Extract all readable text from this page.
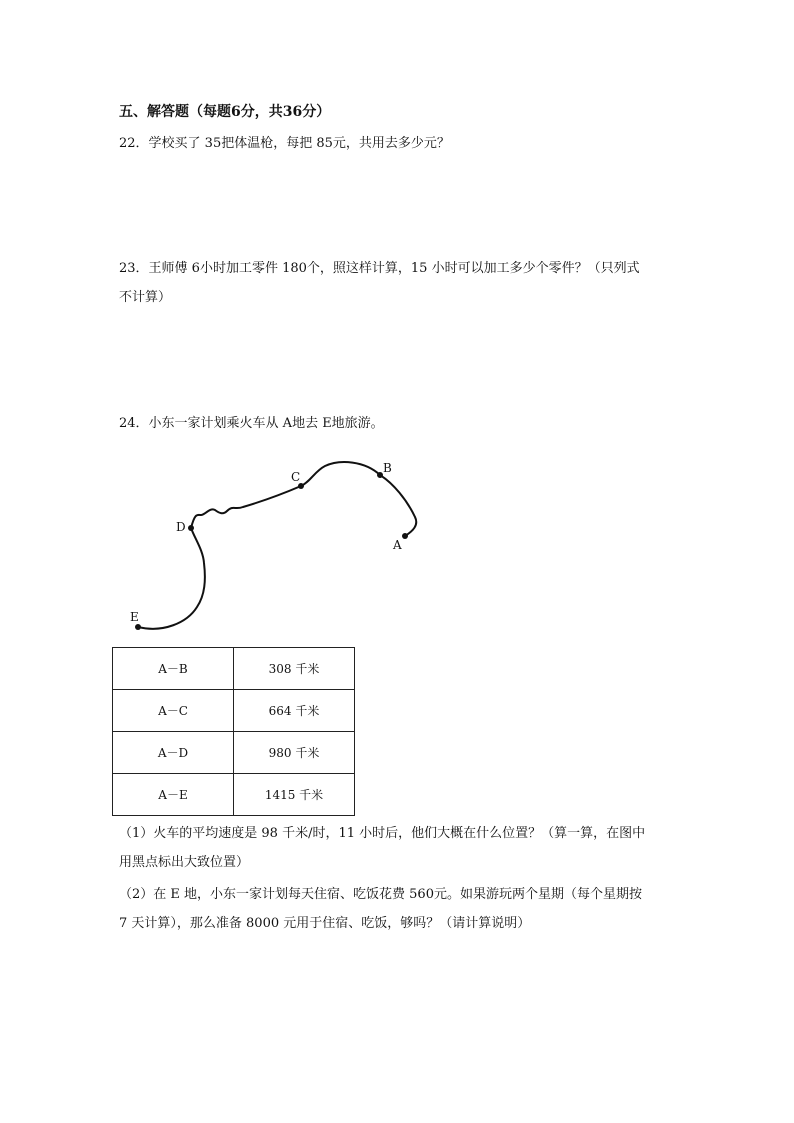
五、解答题（每题6分，共36分）
22．学校买了 35把体温枪，每把 85元，共用去多少元？
23．王师傅 6小时加工零件 180个，照这样计算，15 小时可以加工多少个零件？（只列式
不计算）
24．小东一家计划乘火车从 A地去 E地旅游。
A
B
C
D
E
A－B	308 千米
A－C	664 千米
A－D	980 千米
A－E	1415 千米
（1）火车的平均速度是 98 千米/时，11 小时后，他们大概在什么位置？（算一算，在图中
用黑点标出大致位置）
（2）在 E 地，小东一家计划每天住宿、吃饭花费 560元。如果游玩两个星期（每个星期按
7 天计算），那么准备 8000 元用于住宿、吃饭，够吗？（请计算说明）
